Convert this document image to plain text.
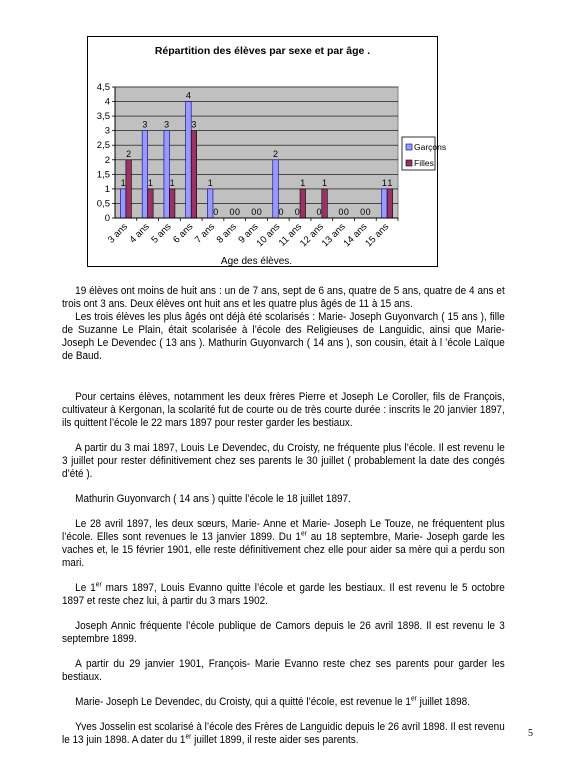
0
0,5
1
1,5
2
2,5
3
3,5
4
4,5
1
2
3 ans
3
1
4 ans
3
1
5 ans
4
3
6 ans
1
0
7 ans
0 0
8 ans
0 0
9 ans
2
0
10 ans
0
1
11 ans
0
1
12 ans
0 0
13 ans
0 0
14 ans
1 1
15 ans
Age des élèves.
Garçons
Filles
Répartition des élèves par sexe et par âge .

19 élèves ont moins de huit ans : un de 7 ans, sept de 6 ans, quatre de 5 ans, quatre de 4 ans et trois ont 3 ans. Deux élèves ont huit ans et les quatre plus âgés de 11 à 15 ans.

Les trois élèves les plus âgés ont déjà été scolarisés : Marie- Joseph Guyonvarch ( 15 ans ), fille de Suzanne Le Plain, était scolarisée à l’école des Religieuses de Languidic, ainsi que Marie- Joseph Le Devendec ( 13 ans ). Mathurin Guyonvarch ( 14 ans ), son cousin, était à l ’école Laïque de Baud.

Pour certains élèves, notamment les deux frères Pierre et Joseph Le Coroller, fils de François, cultivateur à Kergonan, la scolarité fut de courte ou de très courte durée : inscrits le 20 janvier 1897, ils quittent l’école le 22 mars 1897 pour rester garder les bestiaux.

A partir du 3 mai 1897, Louis Le Devendec, du Croisty, ne fréquente plus l’école. Il est revenu le 3 juillet pour rester définitivement chez ses parents le 30 juillet ( probablement la date des congés d’été ).

Mathurin Guyonvarch ( 14 ans ) quitte l’école le 18 juillet 1897.

Le 28 avril 1897, les deux sœurs, Marie- Anne et Marie- Joseph Le Touze, ne fréquentent plus l’école. Elles sont revenues le 13 janvier 1899. Du 1er au 18 septembre, Marie- Joseph garde les vaches et, le 15 février 1901, elle reste définitivement chez elle pour aider sa mère qui a perdu son mari.

Le 1er mars 1897, Louis Evanno quitte l’école et garde les bestiaux. Il est revenu le 5 octobre 1897 et reste chez lui, à partir du 3 mars 1902.

Joseph Annic fréquente l’école publique de Camors depuis le 26 avril 1898. Il est revenu le 3 septembre 1899.

A partir du 29 janvier 1901, François- Marie Evanno reste chez ses parents pour garder les bestiaux.

Marie- Joseph Le Devendec, du Croisty, qui a quitté l’école, est revenue le 1er juillet 1898.

Yves Josselin est scolarisé à l’école des Frères de Languidic depuis le 26 avril 1898. Il est revenu le 13 juin 1898. A dater du 1er juillet 1899, il reste aider ses parents.

5
